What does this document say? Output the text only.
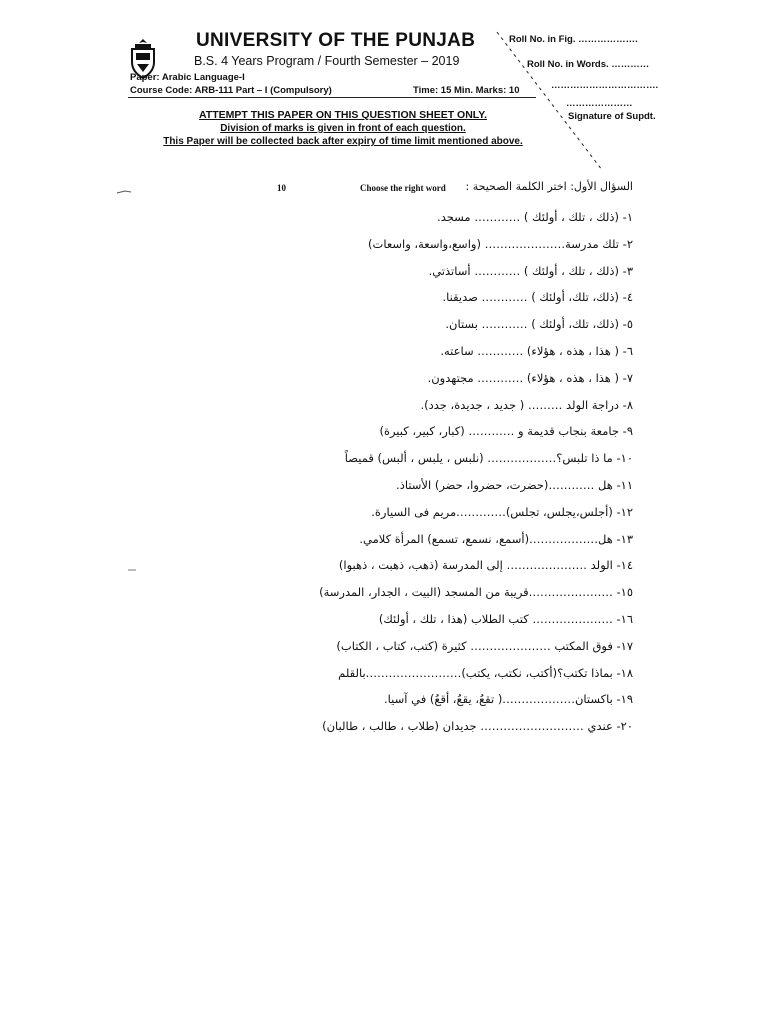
UNIVERSITY OF THE PUNJAB
B.S. 4 Years Program / Fourth Semester – 2019
Paper: Arabic Language-I
Course Code: ARB-111 Part – I (Compulsory)	Time: 15 Min. Marks: 10
Roll No. in Fig. ……………….
Roll No. in Words. …………
…………………………….
…………………
Signature of Supdt.
ATTEMPT THIS PAPER ON THIS QUESTION SHEET ONLY.
Division of marks is given in front of each question.
This Paper will be collected back after expiry of time limit mentioned above.
10	Choose the right word السؤال الأول: اختر الكلمة الصحيحة :
١- (ذلك ، تلك ، أولئك ) ………… مسجد.
٢- تلك مدرسة………………… (واسع،واسعة، واسعات)
٣- (ذلك ، تلك ، أولئك ) ………… أساتذتي.
٤- (ذلك، تلك، أولئك ) ………… صديقنا.
٥- (ذلك، تلك، أولئك ) ………… بستان.
٦- ( هذا ، هذه ، هؤلاء) ………… ساعته.
٧- ( هذا ، هذه ، هؤلاء) ………… مجتهدون.
٨- دراجة الولد ……… ( جديد ، جديدة، جدد).
٩- جامعة بنجاب قديمة و ………… (كبار، كبير، كبيرة)
١٠- ما ذا تلبس؟……………… (نلبس ، يلبس ، ألبس) قميصاً
١١- هل …………(حضرت، حضروا، حضر) الأستاذ.
١٢- (أجلس،يجلس، تجلس)………….مريم فى السيارة.
١٣- هل………………(أسمع، نسمع، تسمع) المرأة كلامي.
١٤- الولد ………………… إلى المدرسة (ذهب، ذهبت ، ذهبوا)
١٥- ………………….قريبة من المسجد (البيت ، الجدار، المدرسة)
١٦- ………………… كتب الطلاب (هذا ، تلك ، أولئك)
١٧- فوق المكتب ………………… كثيرة (كتب، كتاب ، الكتاب)
١٨- بماذا تكتب؟(أكتب، نكتب، يكتب)…………………….بالقلم
١٩- باكستان……………….( تقعُ، يقعُ، أقعُ) في آسيا.
٢٠- عندي ……………………… جديدان (طلاب ، طالب ، طالبان)
